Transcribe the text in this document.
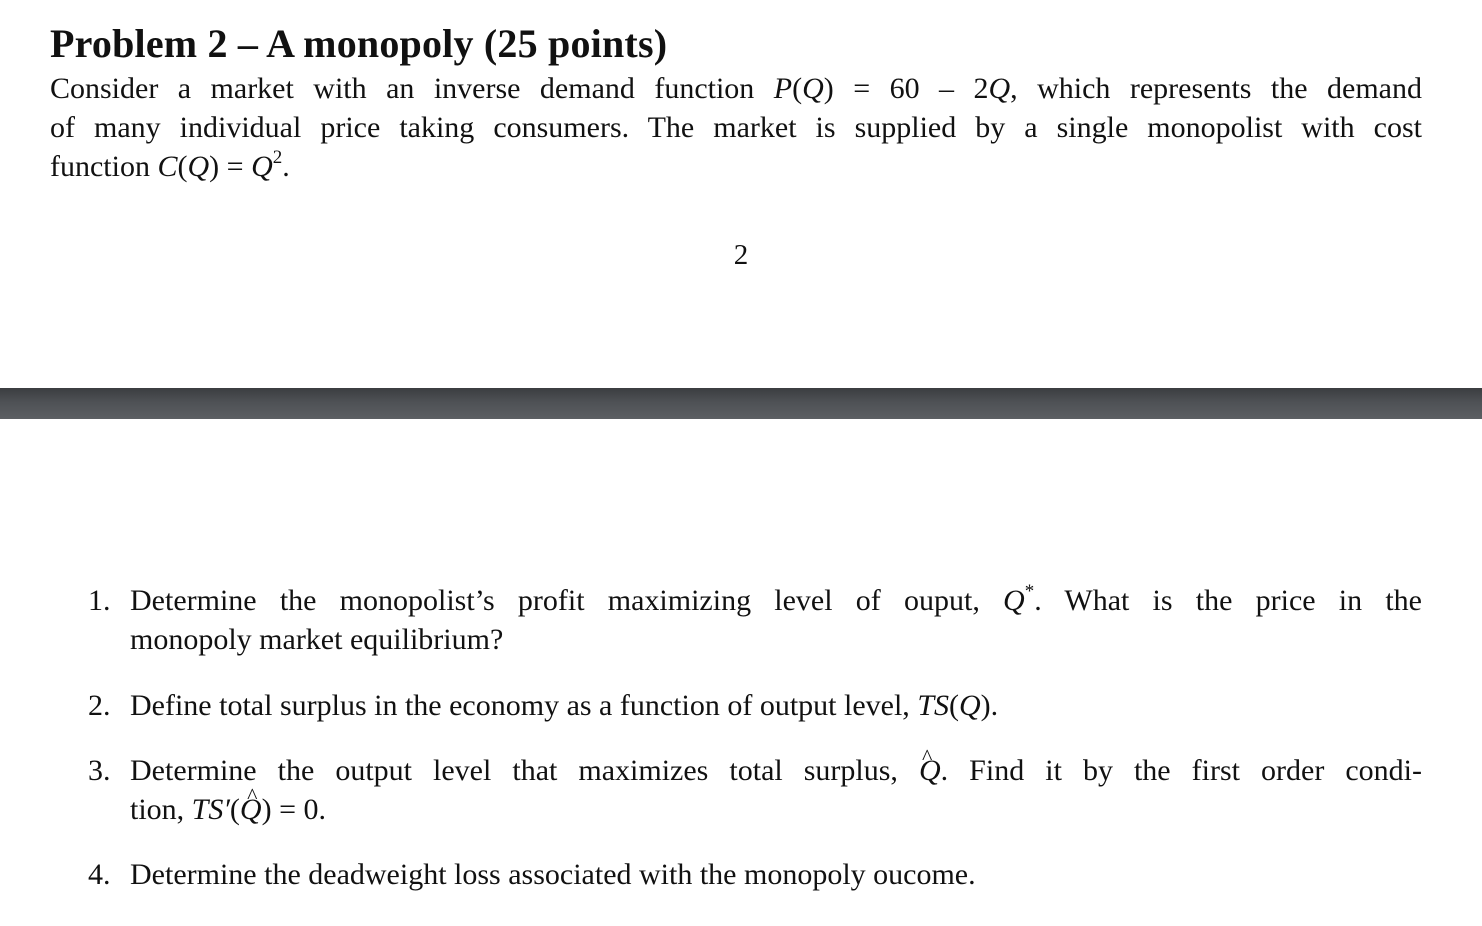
Problem 2 – A monopoly (25 points)
Consider a market with an inverse demand function P(Q) = 60 – 2Q, which represents the demand
of many individual price taking consumers. The market is supplied by a single monopolist with cost
function $C(Q) = Q^2$.
2
1. Determine the monopolist’s profit maximizing level of ouput, Q*. What is the price in the
monopoly market equilibrium?
2. Define total surplus in the economy as a function of output level, TS(Q).
3. Determine the output level that maximizes total surplus, ^ Q. Find it by the first order condi-
tion, TS′(^ Q) = 0.
4. Determine the deadweight loss associated with the monopoly oucome.
